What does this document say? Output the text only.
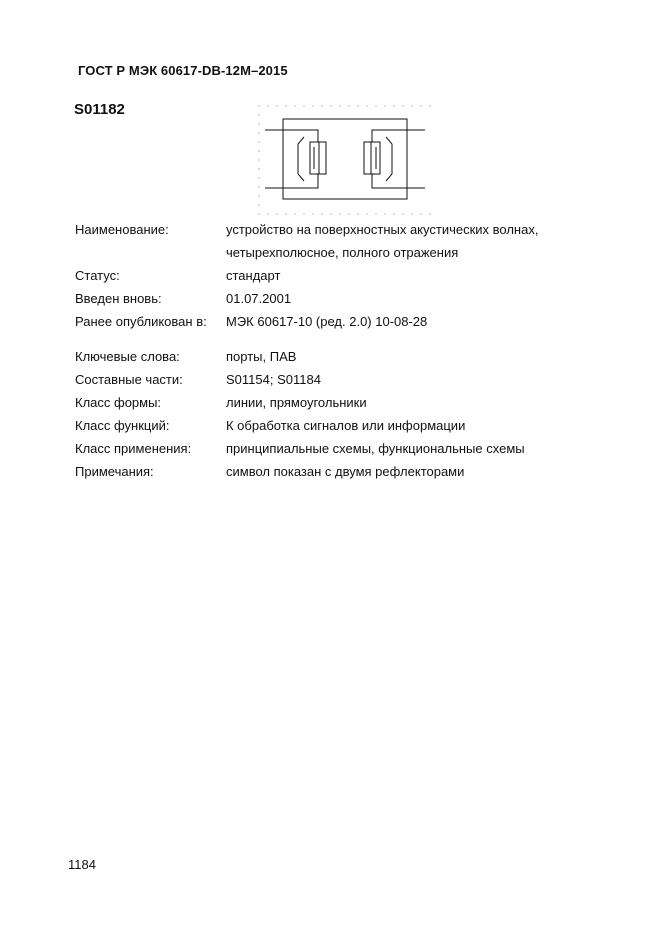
ГОСТ Р МЭК 60617-DB-12M–2015
S01182
Наименование:	устройство на поверхностных акустических волнах,
четырехполюсное, полного отражения
Статус:	стандарт
Введен вновь:	01.07.2001
Ранее опубликован в: МЭК 60617-10 (ред. 2.0) 10-08-28
Ключевые слова:	порты, ПАВ
Составные части:	S01154; S01184
Класс формы:	линии, прямоугольники
Класс функций:	К обработка сигналов или информации
Класс применения:	принципиальные схемы, функциональные схемы
Примечания:	символ показан с двумя рефлекторами
1184
